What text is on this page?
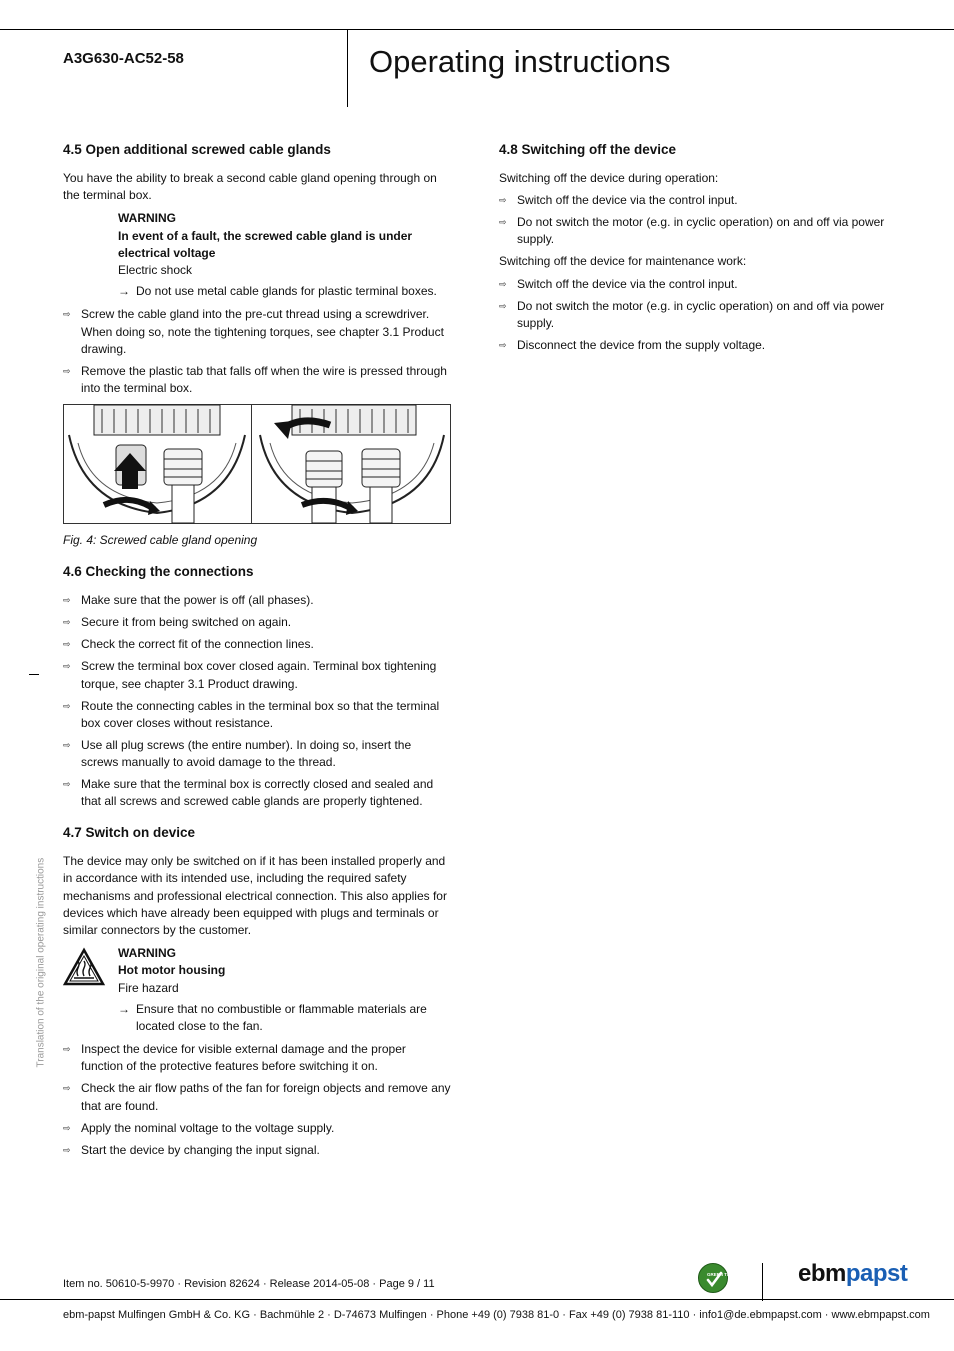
A3G630-AC52-58	Operating instructions
4.5 Open additional screwed cable glands

You have the ability to break a second cable gland opening through on the terminal box.

WARNING
In event of a fault, the screwed cable gland is under electrical voltage
Electric shock
→ Do not use metal cable glands for plastic terminal boxes.
⇨ Screw the cable gland into the pre-cut thread using a screwdriver. When doing so, note the tightening torques, see chapter 3.1 Product drawing.
⇨ Remove the plastic tab that falls off when the wire is pressed through into the terminal box.
Fig. 4: Screwed cable gland opening
4.6 Checking the connections
⇨ Make sure that the power is off (all phases).
⇨ Secure it from being switched on again.
⇨ Check the correct fit of the connection lines.
⇨ Screw the terminal box cover closed again. Terminal box tightening torque, see chapter 3.1 Product drawing.
⇨ Route the connecting cables in the terminal box so that the terminal box cover closes without resistance.
⇨ Use all plug screws (the entire number). In doing so, insert the screws manually to avoid damage to the thread.
⇨ Make sure that the terminal box is correctly closed and sealed and that all screws and screwed cable glands are properly tightened.
4.7 Switch on device

The device may only be switched on if it has been installed properly and in accordance with its intended use, including the required safety mechanisms and professional electrical connection. This also applies for devices which have already been equipped with plugs and terminals or similar connectors by the customer.

WARNING
Hot motor housing
Fire hazard
→ Ensure that no combustible or flammable materials are located close to the fan.
⇨ Inspect the device for visible external damage and the proper function of the protective features before switching it on.
⇨ Check the air flow paths of the fan for foreign objects and remove any that are found.
⇨ Apply the nominal voltage to the voltage supply.
⇨ Start the device by changing the input signal.
4.8 Switching off the device

Switching off the device during operation:

⇨ Switch off the device via the control input.
⇨ Do not switch the motor (e.g. in cyclic operation) on and off via power supply.

Switching off the device for maintenance work:

⇨ Switch off the device via the control input.
⇨ Do not switch the motor (e.g. in cyclic operation) on and off via power supply.
⇨ Disconnect the device from the supply voltage.
Translation of the original operating instructions
Item no. 50610-5-9970 · Revision 82624 · Release 2014-05-08 · Page 9 / 11
GREEN TECH	ebmpapst
ebm-papst Mulfingen GmbH & Co. KG · Bachmühle 2 · D-74673 Mulfingen · Phone +49 (0) 7938 81-0 · Fax +49 (0) 7938 81-110 · info1@de.ebmpapst.com · www.ebmpapst.com
